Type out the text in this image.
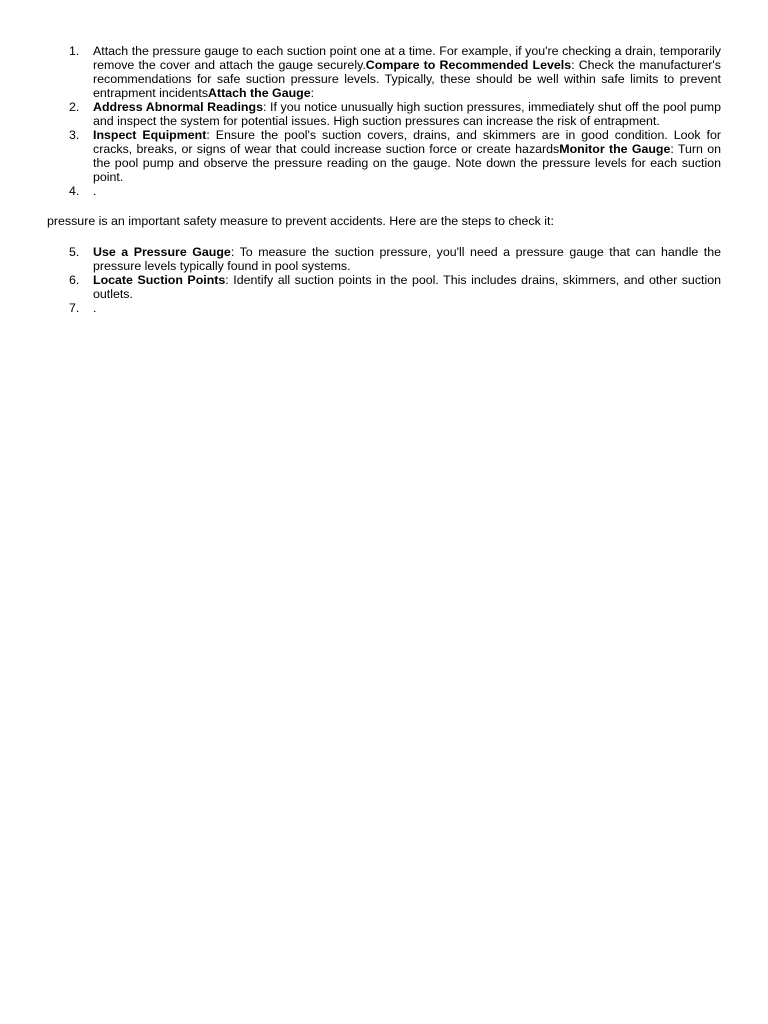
1. Attach the pressure gauge to each suction point one at a time. For example, if you're checking a drain, temporarily remove the cover and attach the gauge securely.Compare to Recommended Levels: Check the manufacturer's recommendations for safe suction pressure levels. Typically, these should be well within safe limits to prevent entrapment incidentsAttach the Gauge:
2. Address Abnormal Readings: If you notice unusually high suction pressures, immediately shut off the pool pump and inspect the system for potential issues. High suction pressures can increase the risk of entrapment.
3. Inspect Equipment: Ensure the pool's suction covers, drains, and skimmers are in good condition. Look for cracks, breaks, or signs of wear that could increase suction force or create hazardsMonitor the Gauge: Turn on the pool pump and observe the pressure reading on the gauge. Note down the pressure levels for each suction point.
4. .

pressure is an important safety measure to prevent accidents. Here are the steps to check it:

5. Use a Pressure Gauge: To measure the suction pressure, you'll need a pressure gauge that can handle the pressure levels typically found in pool systems.
6. Locate Suction Points: Identify all suction points in the pool. This includes drains, skimmers, and other suction outlets.
7. .
